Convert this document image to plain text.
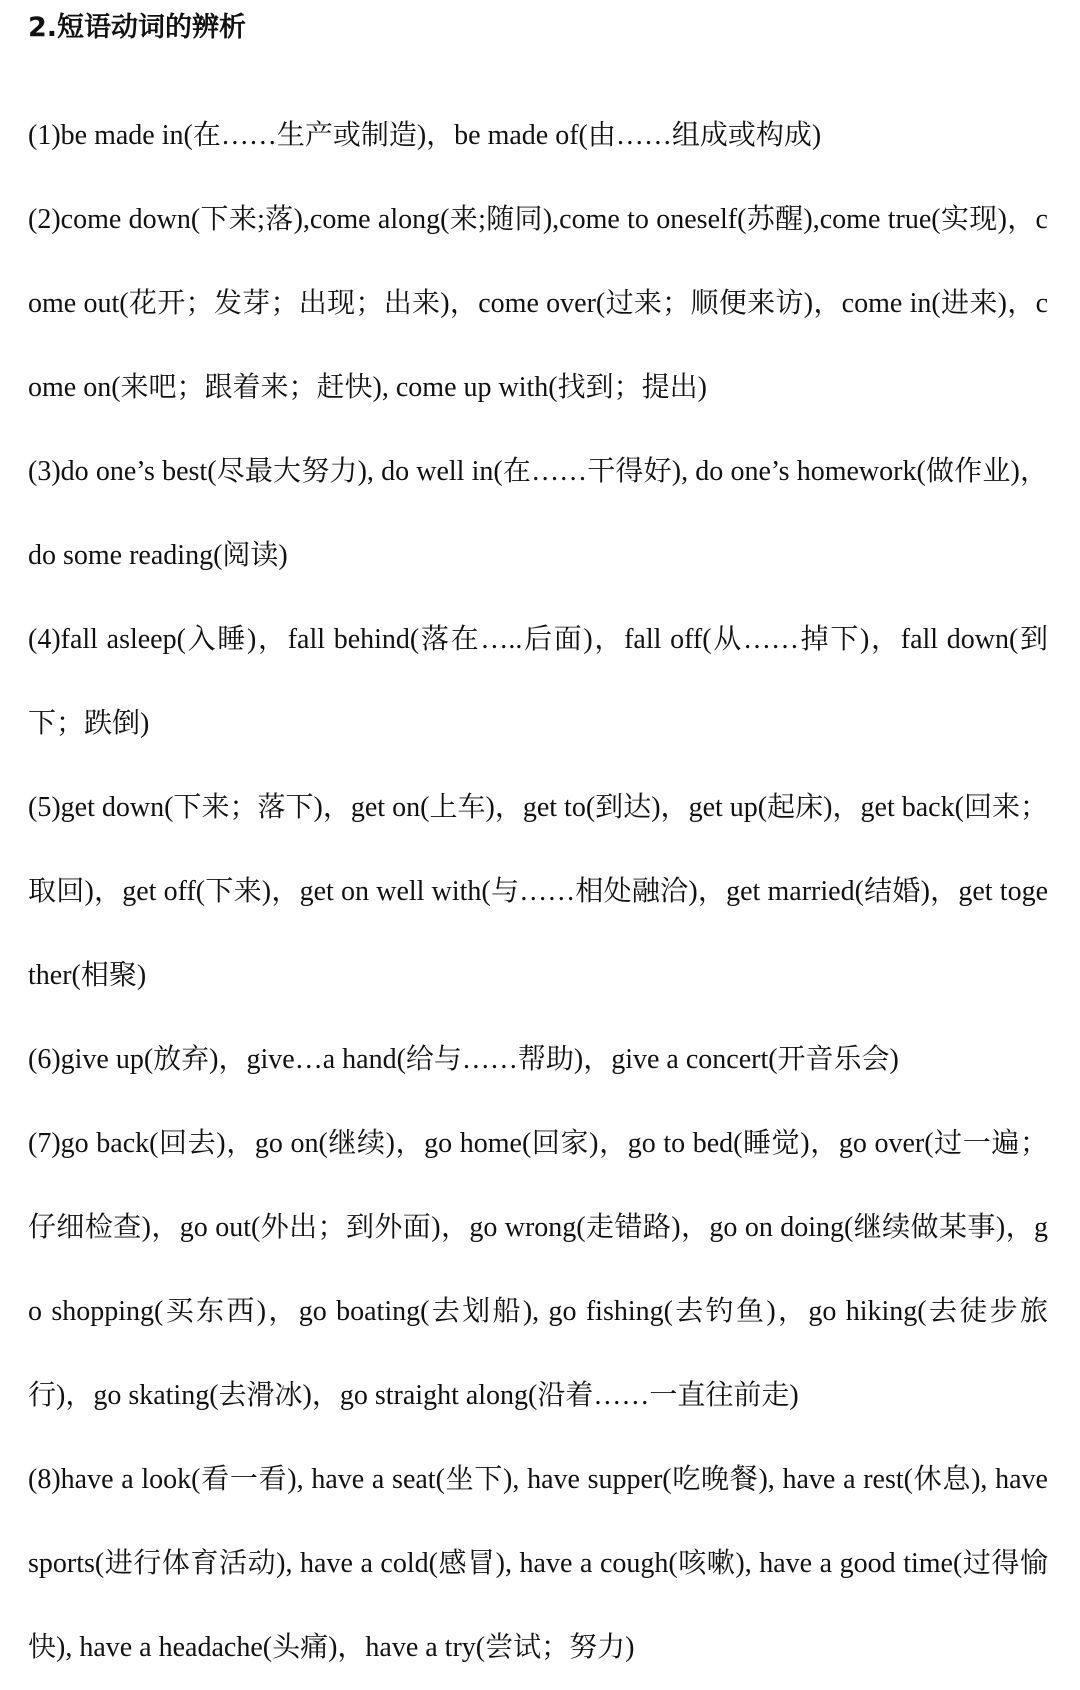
2.短语动词的辨析

(1)be made in(在……生产或制造)，be made of(由……组成或构成)

(2)come down(下来;落),come along(来;随同),come to oneself(苏醒),come true(实现)，come out(花开；发芽；出现；出来)，come over(过来；顺便来访)，come in(进来)，come on(来吧；跟着来；赶快), come up with(找到；提出)

(3)do one’s best(尽最大努力), do well in(在……干得好), do one’s homework(做作业)，do some reading(阅读)

(4)fall asleep(入睡)，fall behind(落在…..后面)，fall off(从……掉下)，fall down(到下；跌倒)

(5)get down(下来；落下)，get on(上车)，get to(到达)，get up(起床)，get back(回来；取回)，get off(下来)，get on well with(与……相处融洽)，get married(结婚)，get together(相聚)

(6)give up(放弃)，give…a hand(给与……帮助)，give a concert(开音乐会)

(7)go back(回去)，go on(继续)，go home(回家)，go to bed(睡觉)，go over(过一遍；仔细检查)，go out(外出；到外面)，go wrong(走错路)，go on doing(继续做某事)，go shopping(买东西)，go boating(去划船), go fishing(去钓鱼)，go hiking(去徒步旅行)，go skating(去滑冰)，go straight along(沿着……一直往前走)

(8)have a look(看一看), have a seat(坐下), have supper(吃晚餐), have a rest(休息), have sports(进行体育活动), have a cold(感冒), have a cough(咳嗽), have a good time(过得愉快), have a headache(头痛)，have a try(尝试；努力)
